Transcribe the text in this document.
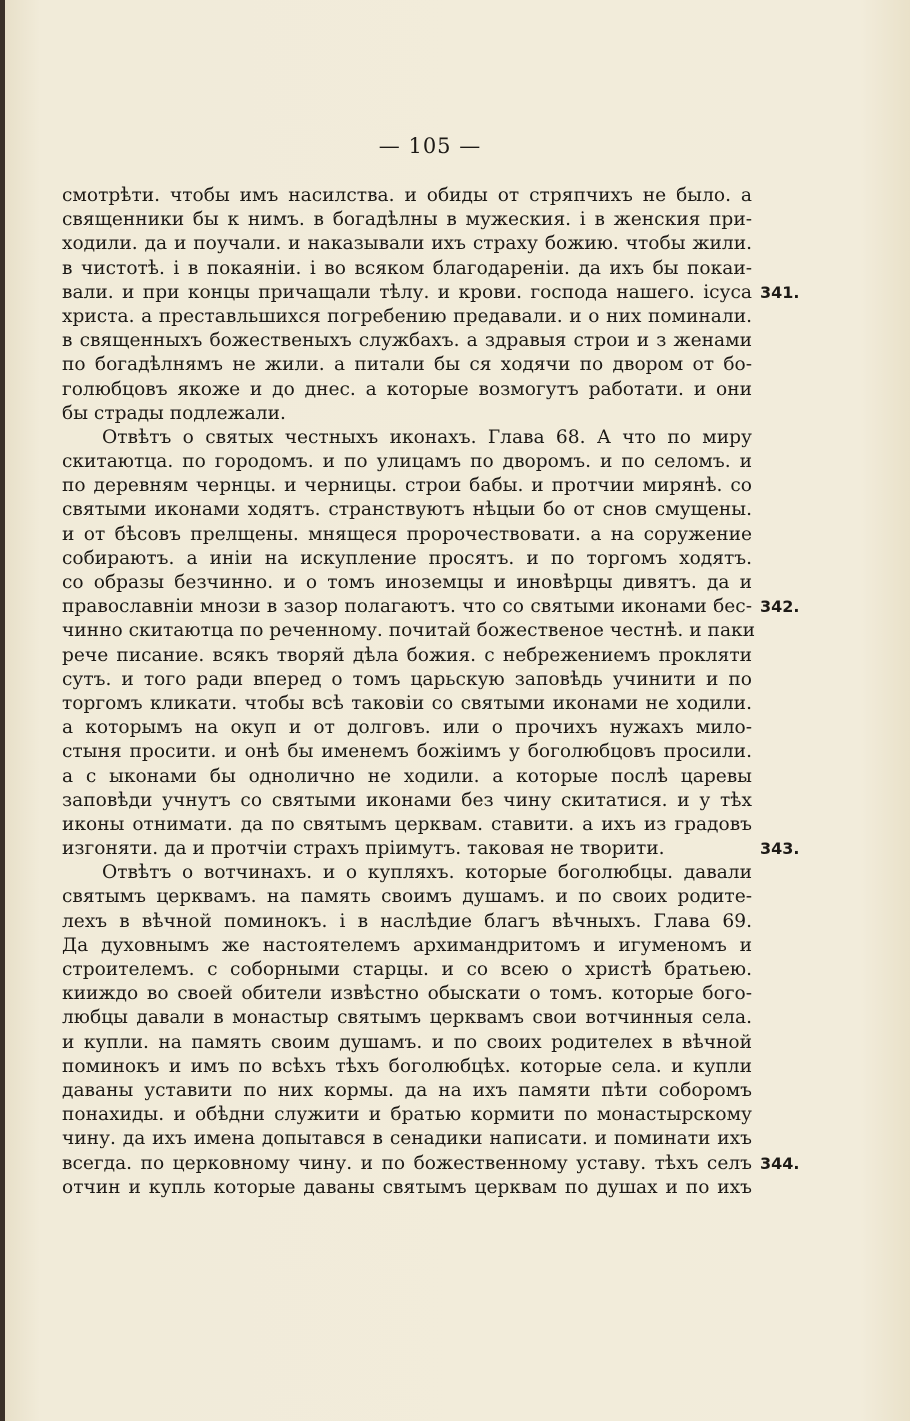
— 105 —
смотрѣти. чтобы имъ насилства. и обиды от стряпчихъ не было. а
священники бы к нимъ. в богадѣлны в мужеския. і в женския при-
ходили. да и поучали. и наказывали ихъ страху божию. чтобы жили.
в чистотѣ. і в покаяніи. і во всяком благодареніи. да ихъ бы покаи-
вали. и при концы причащали тѣлу. и крови. господа нашего. ісуса
христа. а преставльшихся погребению предавали. и о них поминали.
в священныхъ божественыхъ службахъ. а здравыя строи и з женами
по богадѣлнямъ не жили. а питали бы ся ходячи по двором от бо-
голюбцовъ якоже и до днес. а которые возмогутъ работати. и они
бы страды подлежали.
Отвѣтъ о святых честныхъ иконахъ. Глава 68. А что по миру
скитаютца. по городомъ. и по улицамъ по дворомъ. и по селомъ. и
по деревням чернцы. и черницы. строи бабы. и протчии мирянѣ. со
святыми иконами ходятъ. странствуютъ нѣцыи бо от снов смущены.
и от бѣсовъ прелщены. мнящеся пророчествовати. а на соружение
собираютъ. а иніи на искупление просятъ. и по торгомъ ходятъ.
со образы безчинно. и о томъ иноземцы и иновѣрцы дивятъ. да и
православніи мнози в зазор полагаютъ. что со святыми иконами бес-
чинно скитаютца по реченному. почитай божественое честнѣ. и паки
рече писание. всякъ творяй дѣла божия. с небрежениемъ прокляти
сутъ. и того ради вперед о томъ царьскую заповѣдь учинити и по
торгомъ кликати. чтобы всѣ таковіи со святыми иконами не ходили.
а которымъ на окуп и от долговъ. или о прочихъ нужахъ мило-
стыня просити. и онѣ бы именемъ божіимъ у боголюбцовъ просили.
а с ыконами бы однолично не ходили. а которые послѣ царевы
заповѣди учнутъ со святыми иконами без чину скитатися. и у тѣх
иконы отнимати. да по святымъ церквам. ставити. а ихъ из градовъ
изгоняти. да и протчіи страхъ пріимутъ. таковая не творити.
Отвѣтъ о вотчинахъ. и о купляхъ. которые боголюбцы. давали
святымъ церквамъ. на память своимъ душамъ. и по своих родите-
лехъ в вѣчной поминокъ. і в наслѣдие благъ вѣчныхъ. Глава 69.
Да духовнымъ же настоятелемъ архимандритомъ и игуменомъ и
строителемъ. с соборными старцы. и со всею о христѣ братьею.
кииждо во своей обители извѣстно обыскати о томъ. которые бого-
любцы давали в монастыр святымъ церквамъ свои вотчинныя села.
и купли. на память своим душамъ. и по своих родителех в вѣчной
поминокъ и имъ по всѣхъ тѣхъ боголюбцѣх. которые села. и купли
даваны уставити по них кормы. да на ихъ памяти пѣти соборомъ
понахиды. и обѣдни служити и братью кормити по монастырскому
чину. да ихъ имена допытався в сенадики написати. и поминати ихъ
всегда. по церковному чину. и по божественному уставу. тѣхъ селъ
отчин и купль которые даваны святымъ церквам по душах и по ихъ
341.
342.
343.
344.
